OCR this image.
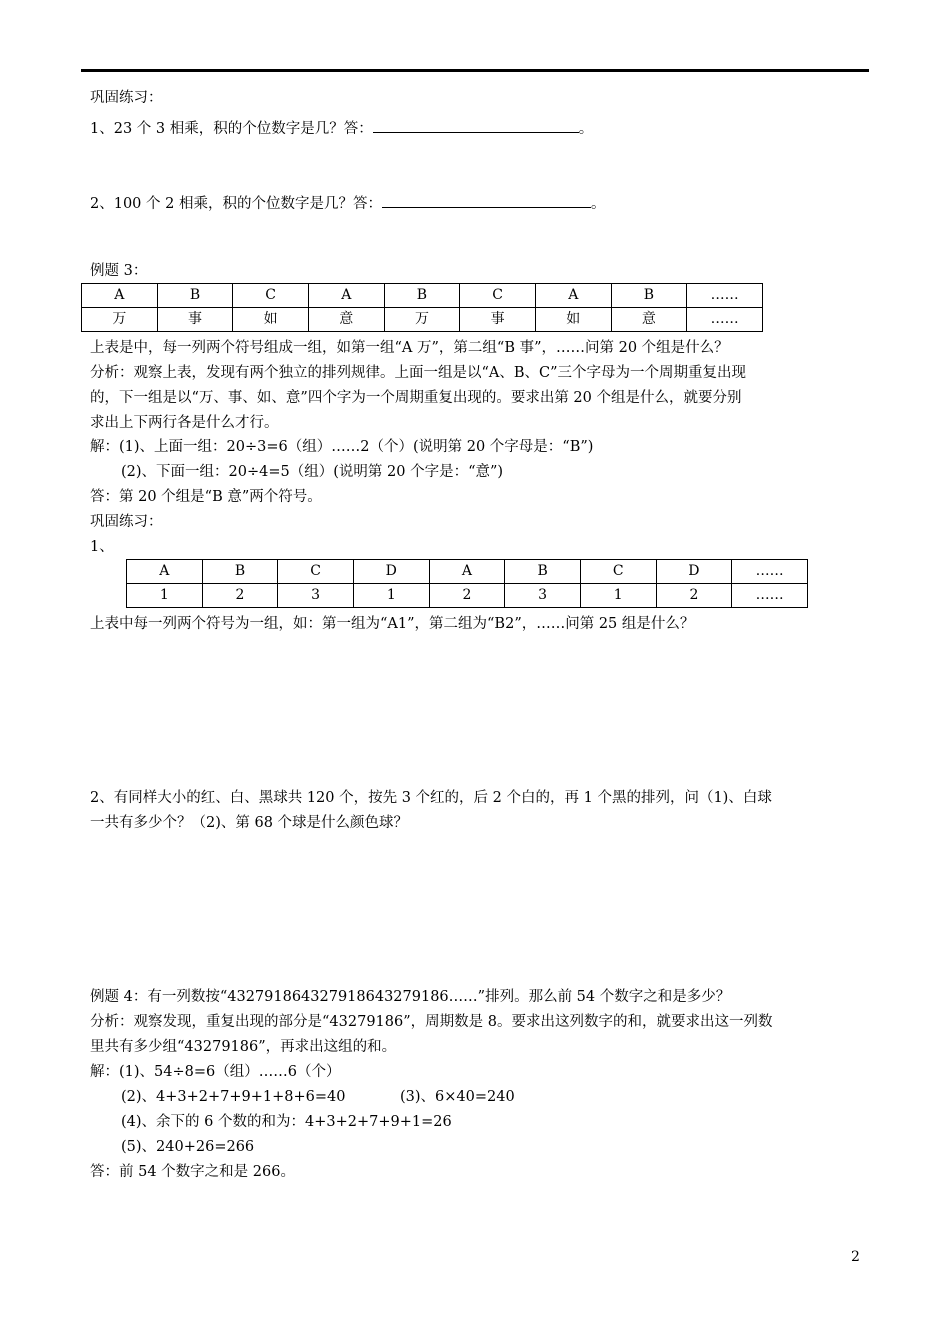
巩固练习：
1、23 个 3 相乘，积的个位数字是几？答：	。
2、100 个 2 相乘，积的个位数字是几？答：	。
例题 3：
A	B	C	A	B	C	A	B	……
万	事	如	意	万	事	如	意	……
上表是中，每一列两个符号组成一组，如第一组“A 万”，第二组“B 事”，……问第 20 个组是什么？
分析：观察上表，发现有两个独立的排列规律。上面一组是以“A、B、C”三个字母为一个周期重复出现
的，下一组是以“万、事、如、意”四个字为一个周期重复出现的。要求出第 20 个组是什么，就要分别
求出上下两行各是什么才行。
解：(1)、上面一组：20÷3=6（组）……2（个）(说明第 20 个字母是：“B”)
(2)、下面一组：20÷4=5（组）(说明第 20 个字是：“意”)
答：第 20 个组是“B 意”两个符号。
巩固练习：
1、
A	B	C	D	A	B	C	D	……
1	2	3	1	2	3	1	2	……
上表中每一列两个符号为一组，如：第一组为“A1”，第二组为“B2”，……问第 25 组是什么？
2、有同样大小的红、白、黑球共 120 个，按先 3 个红的，后 2 个白的，再 1 个黑的排列，问（1)、白球
一共有多少个？（2)、第 68 个球是什么颜色球？
例题 4：有一列数按“432791864327918643279186……”排列。那么前 54 个数字之和是多少？
分析：观察发现，重复出现的部分是“43279186”，周期数是 8。要求出这列数字的和，就要求出这一列数
里共有多少组“43279186”，再求出这组的和。
解：(1)、54÷8=6（组）……6（个）
(2)、4+3+2+7+9+1+8+6=40	(3)、6×40=240
(4)、余下的 6 个数的和为：4+3+2+7+9+1=26
(5)、240+26=266
答：前 54 个数字之和是 266。
2
